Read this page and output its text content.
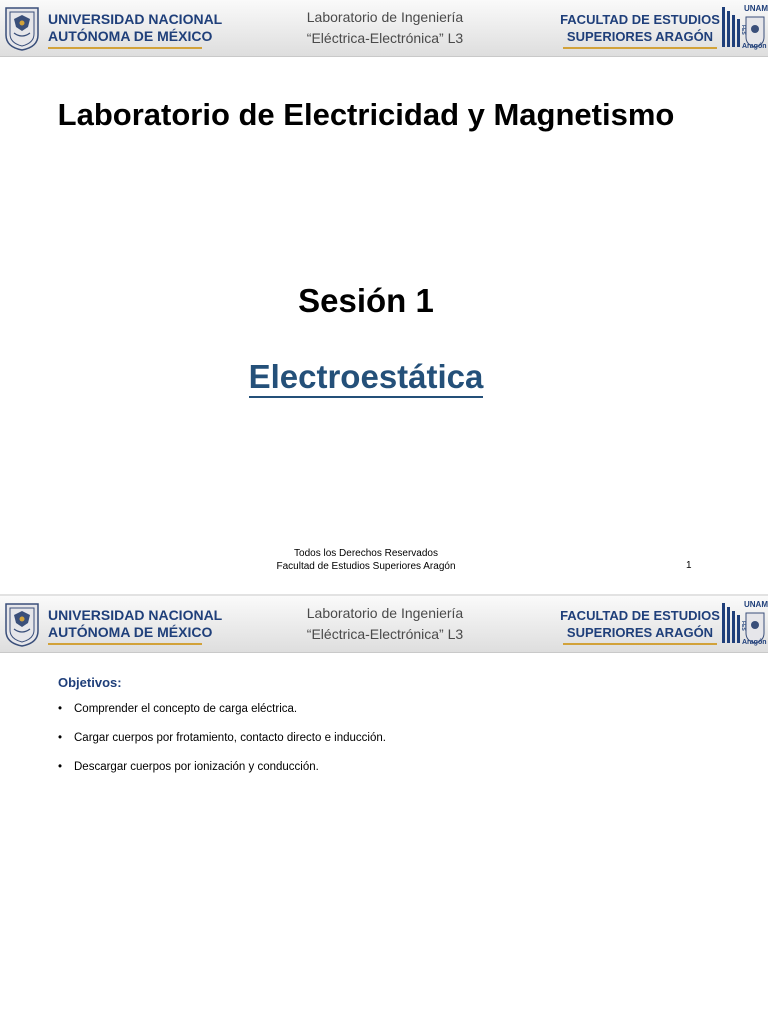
UNIVERSIDAD NACIONAL
AUTÓNOMA DE MÉXICO
Laboratorio de Ingeniería
“Eléctrica-Electrónica” L3
FACULTAD DE ESTUDIOS
SUPERIORES ARAGÓN
UNAM
Aragón
FES
Laboratorio de Electricidad y Magnetismo
Sesión 1
Electroestática
Todos los Derechos Reservados
Facultad de Estudios Superiores Aragón	1
UNIVERSIDAD NACIONAL
AUTÓNOMA DE MÉXICO
Laboratorio de Ingeniería
“Eléctrica-Electrónica” L3
FACULTAD DE ESTUDIOS
SUPERIORES ARAGÓN
UNAM
Aragón
FES
Objetivos:
• Comprender el concepto de carga eléctrica.
• Cargar cuerpos por frotamiento, contacto directo e inducción.
• Descargar cuerpos por ionización y conducción.
